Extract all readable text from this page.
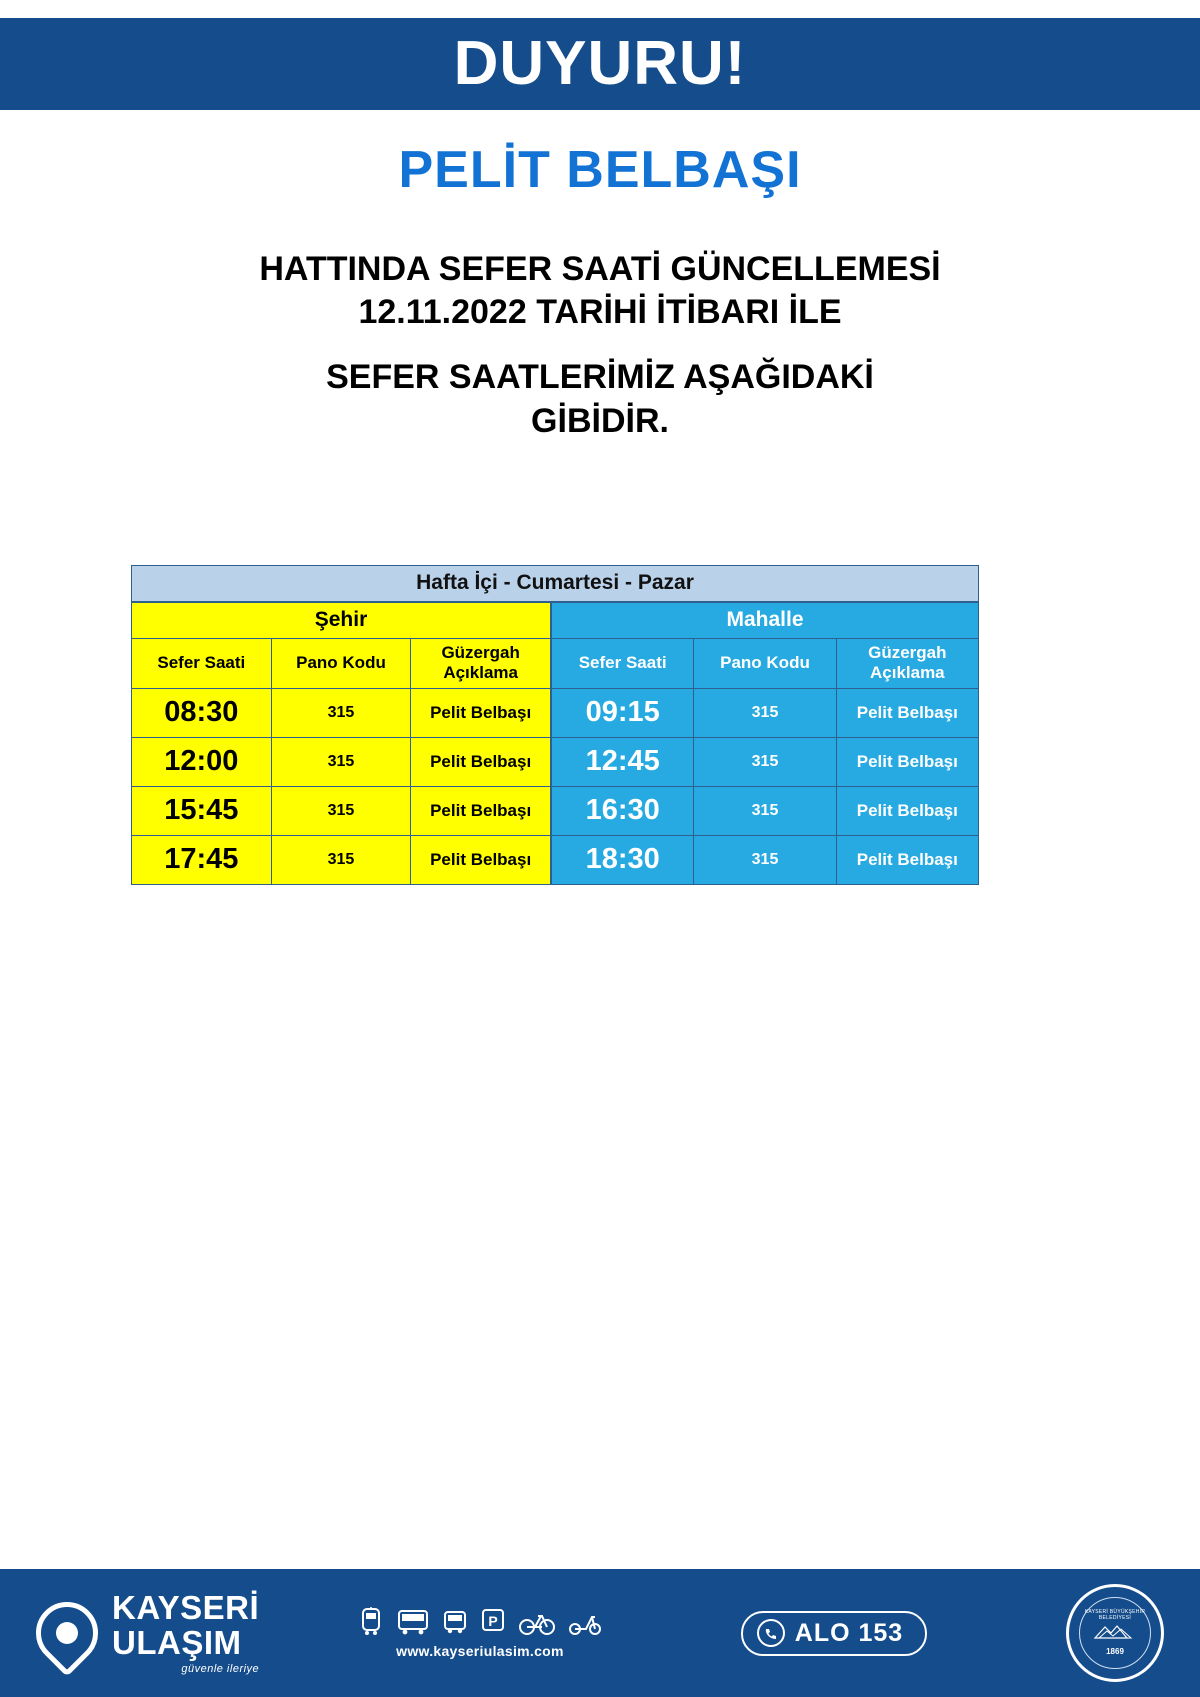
DUYURU!
PELİT BELBAŞI
HATTINDA SEFER SAATİ GÜNCELLEMESİ
12.11.2022 TARİHİ İTİBARI İLE
SEFER SAATLERİMİZ AŞAĞIDAKİ
GİBİDİR.
Hafta İçi - Cumartesi - Pazar
Şehir		
Sefer Saati	Pano Kodu	Güzergah Açıklama
08:30	315	Pelit Belbaşı
12:00	315	Pelit Belbaşı
15:45	315	Pelit Belbaşı
17:45	315	Pelit Belbaşı
Mahalle		
Sefer Saati	Pano Kodu	Güzergah Açıklama
09:15	315	Pelit Belbaşı
12:45	315	Pelit Belbaşı
16:30	315	Pelit Belbaşı
18:30	315	Pelit Belbaşı
KAYSERİ
ULAŞIM
güvenle ileriye
P
www.kayseriulasim.com
ALO 153
KAYSERİ BÜYÜKŞEHİR BELEDİYESİ
1869
